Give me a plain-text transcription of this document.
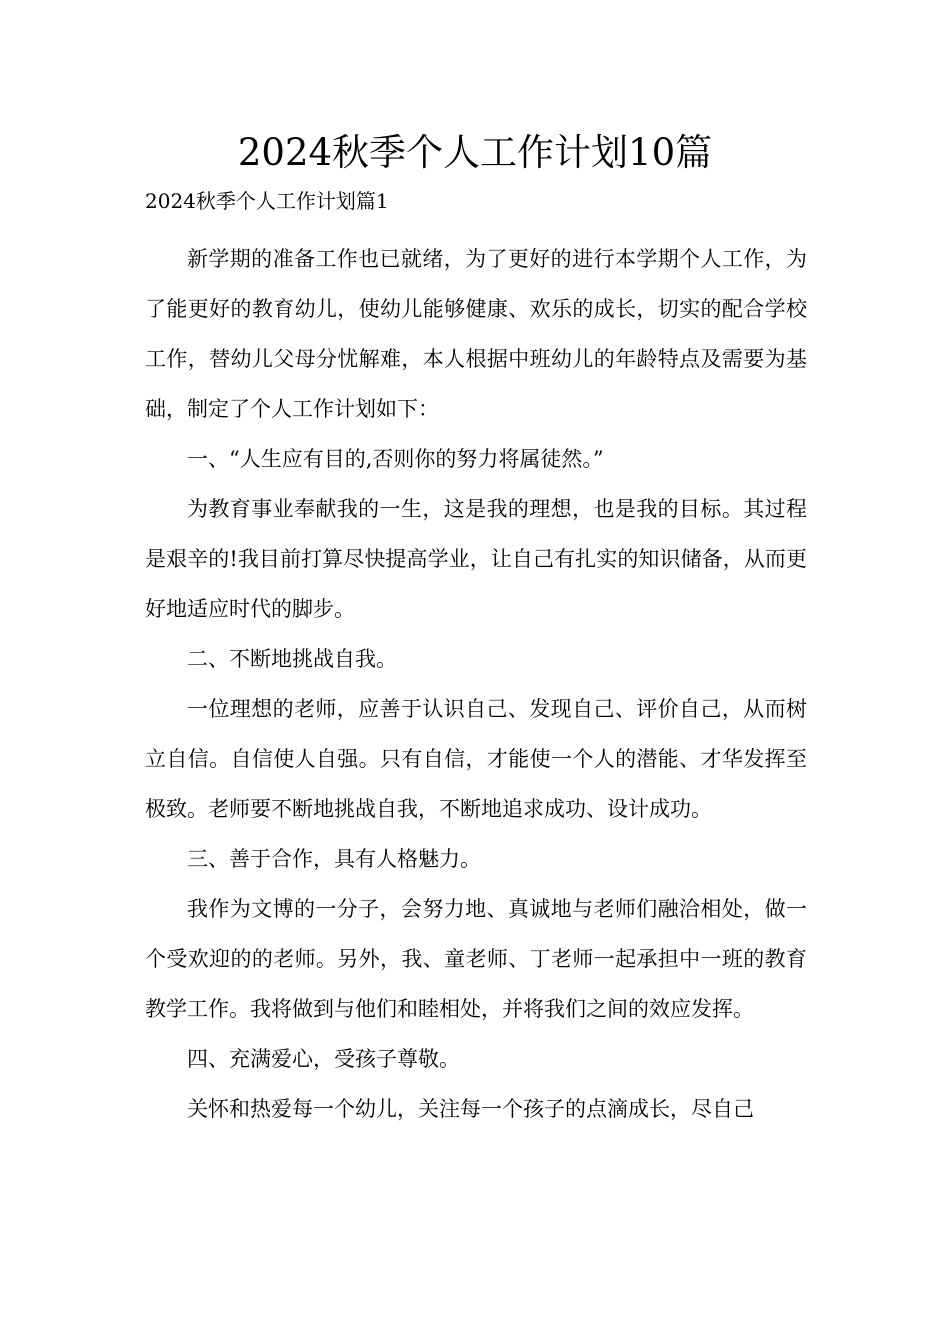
2024秋季个人工作计划10篇

2024秋季个人工作计划篇1

新学期的准备工作也已就绪，为了更好的进行本学期个人工作，为了能更好的教育幼儿，使幼儿能够健康、欢乐的成长，切实的配合学校工作，替幼儿父母分忧解难，本人根据中班幼儿的年龄特点及需要为基础，制定了个人工作计划如下：

一、“人生应有目的,否则你的努力将属徒然。”

为教育事业奉献我的一生，这是我的理想，也是我的目标。其过程是艰辛的!我目前打算尽快提高学业，让自己有扎实的知识储备，从而更好地适应时代的脚步。

二、不断地挑战自我。

一位理想的老师，应善于认识自己、发现自己、评价自己，从而树立自信。自信使人自强。只有自信，才能使一个人的潜能、才华发挥至极致。老师要不断地挑战自我，不断地追求成功、设计成功。

三、善于合作，具有人格魅力。

我作为文博的一分子，会努力地、真诚地与老师们融洽相处，做一个受欢迎的的老师。另外，我、童老师、丁老师一起承担中一班的教育教学工作。我将做到与他们和睦相处，并将我们之间的效应发挥。

四、充满爱心，受孩子尊敬。

关怀和热爱每一个幼儿，关注每一个孩子的点滴成长，尽自己
